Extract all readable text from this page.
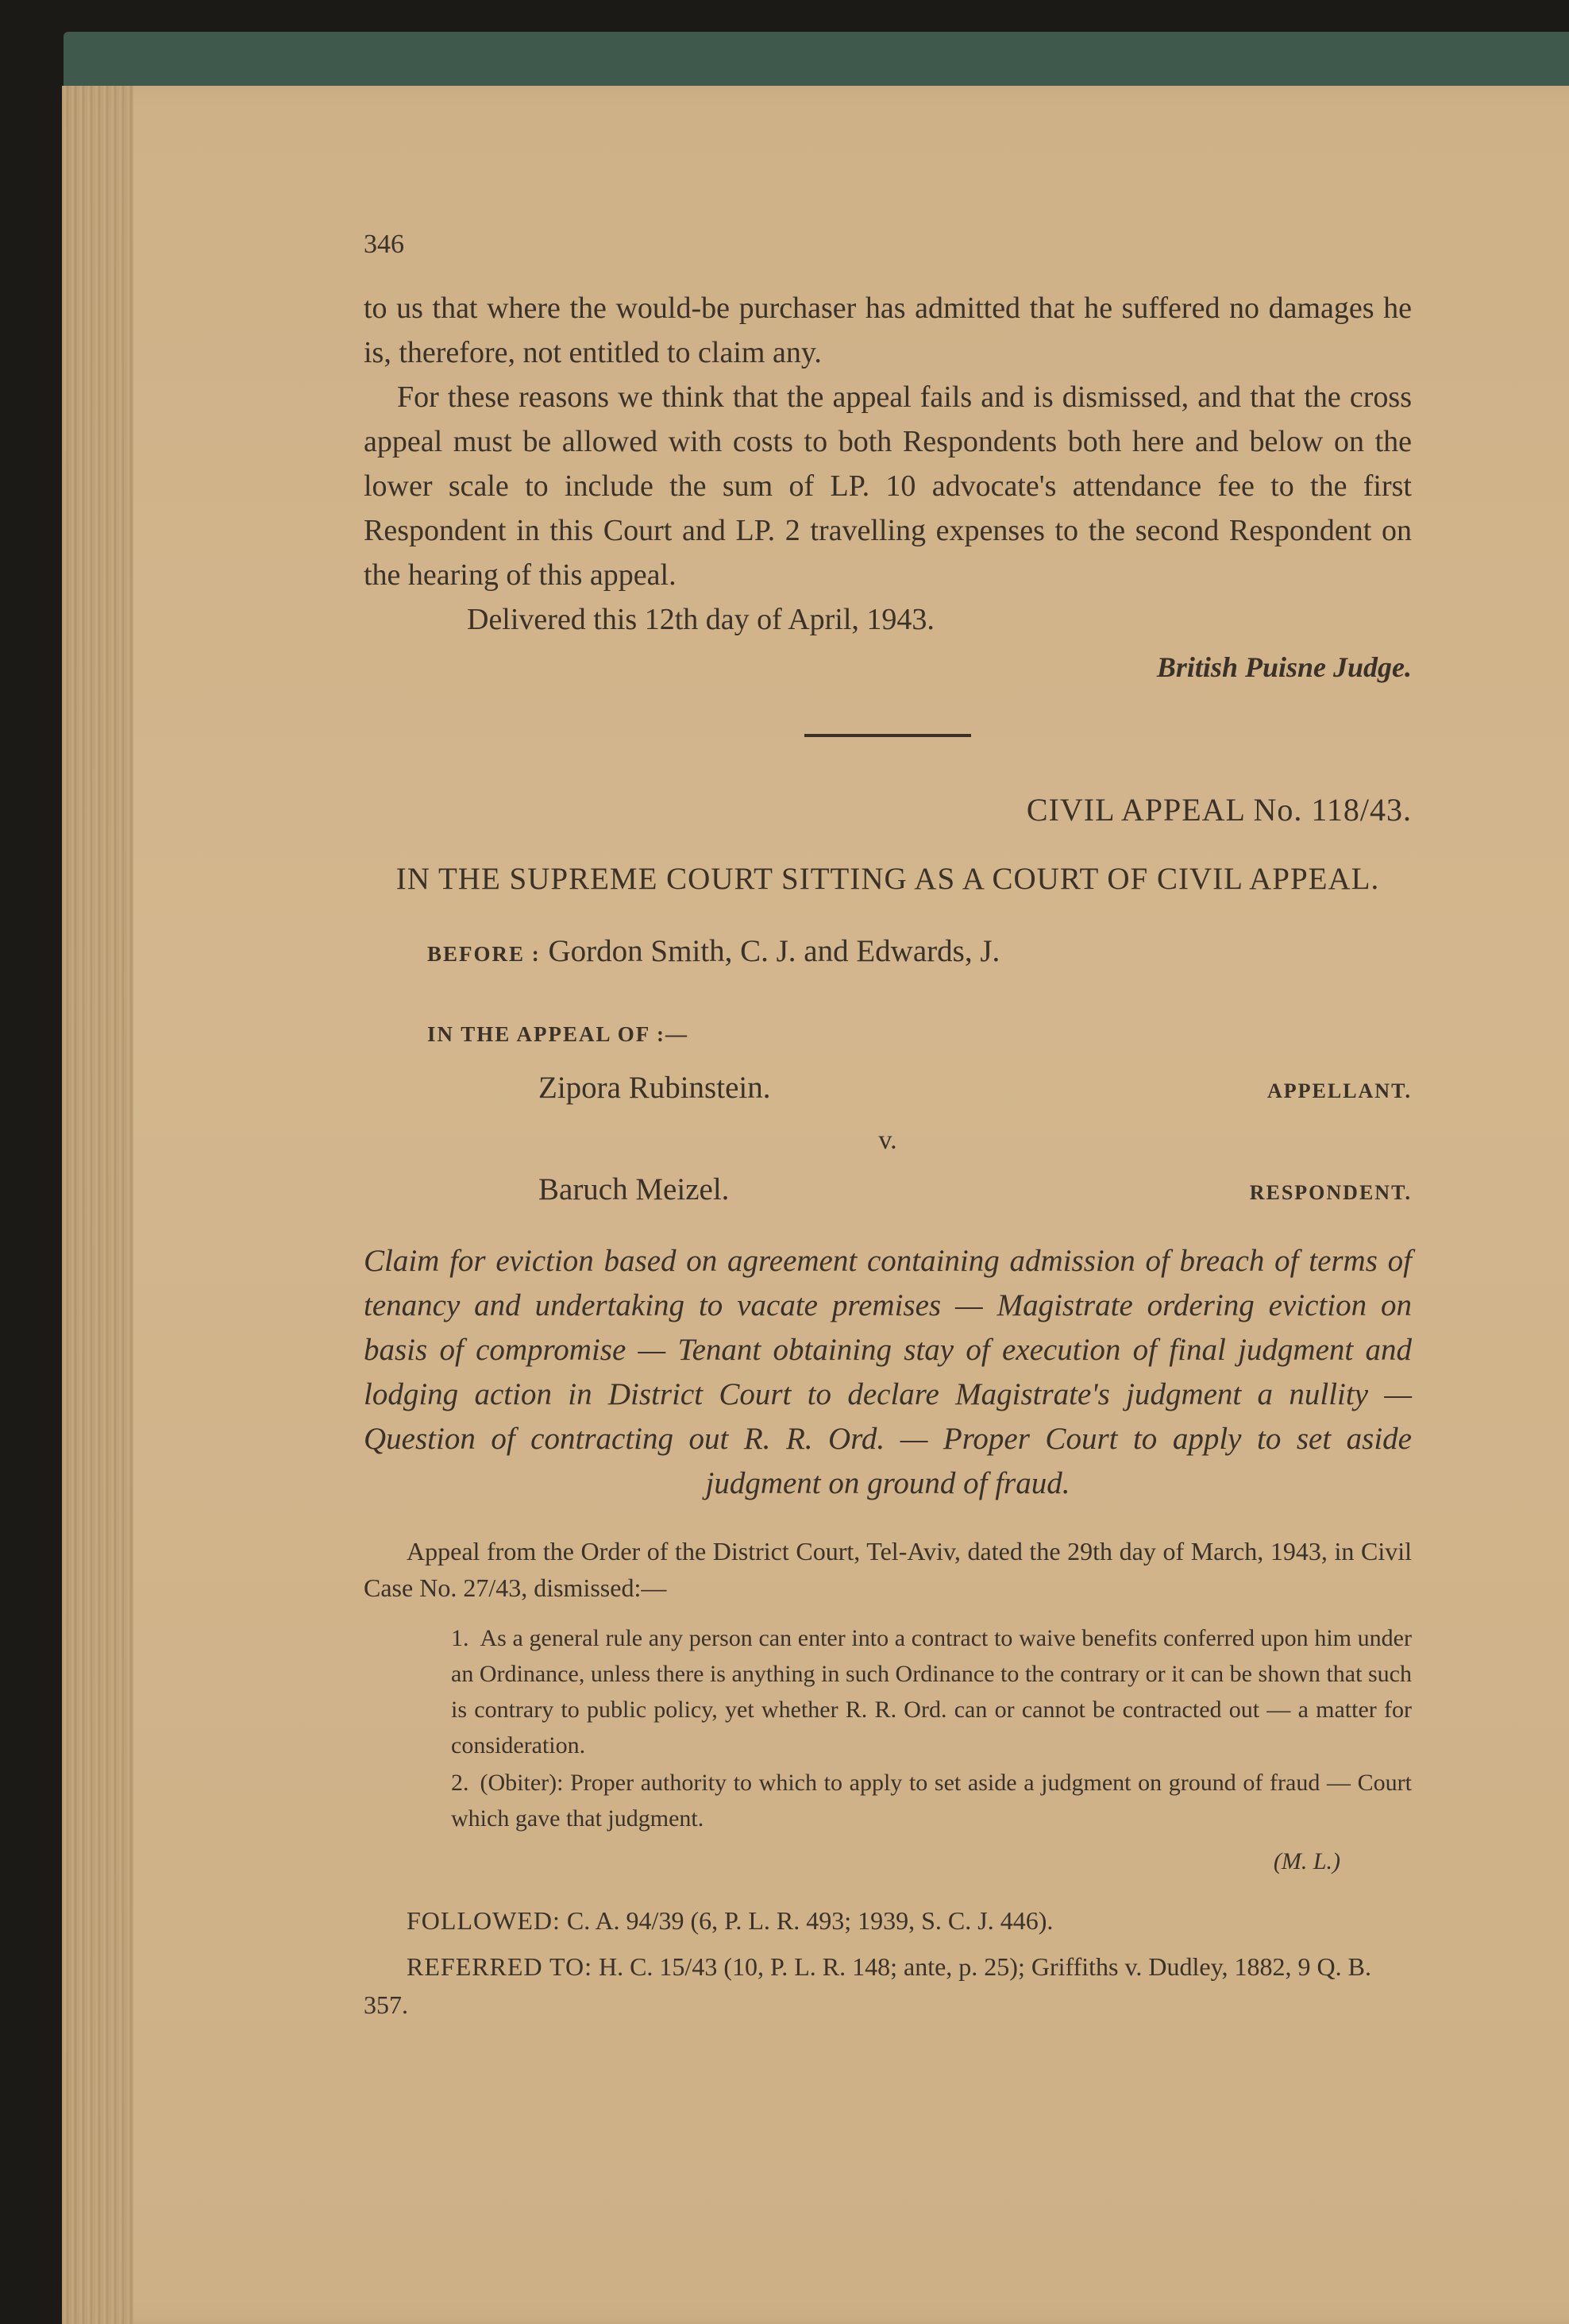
346

to us that where the would-be purchaser has admitted that he suffered no damages he is, therefore, not entitled to claim any.

For these reasons we think that the appeal fails and is dismissed, and that the cross appeal must be allowed with costs to both Respondents both here and below on the lower scale to include the sum of LP. 10 advocate's attendance fee to the first Respondent in this Court and LP. 2 travelling expenses to the second Respondent on the hearing of this appeal.

Delivered this 12th day of April, 1943.

British Puisne Judge.

CIVIL APPEAL No. 118/43.

IN THE SUPREME COURT SITTING AS A COURT OF CIVIL APPEAL.

BEFORE : Gordon Smith, C. J. and Edwards, J.

IN THE APPEAL OF :—

Zipora Rubinstein.	APPELLANT.
v.
Baruch Meizel.	RESPONDENT.

Claim for eviction based on agreement containing admission of breach of terms of tenancy and undertaking to vacate premises — Magistrate ordering eviction on basis of compromise — Tenant obtaining stay of execution of final judgment and lodging action in District Court to declare Magistrate's judgment a nullity — Question of contracting out R. R. Ord. — Proper Court to apply to set aside judgment on ground of fraud.

Appeal from the Order of the District Court, Tel-Aviv, dated the 29th day of March, 1943, in Civil Case No. 27/43, dismissed:—

1. As a general rule any person can enter into a contract to waive benefits conferred upon him under an Ordinance, unless there is anything in such Ordinance to the contrary or it can be shown that such is contrary to public policy, yet whether R. R. Ord. can or cannot be contracted out — a matter for consideration.

2. (Obiter): Proper authority to which to apply to set aside a judgment on ground of fraud — Court which gave that judgment.

(M. L.)

FOLLOWED: C. A. 94/39 (6, P. L. R. 493; 1939, S. C. J. 446).

REFERRED TO: H. C. 15/43 (10, P. L. R. 148; ante, p. 25); Griffiths v. Dudley, 1882, 9 Q. B. 357.
